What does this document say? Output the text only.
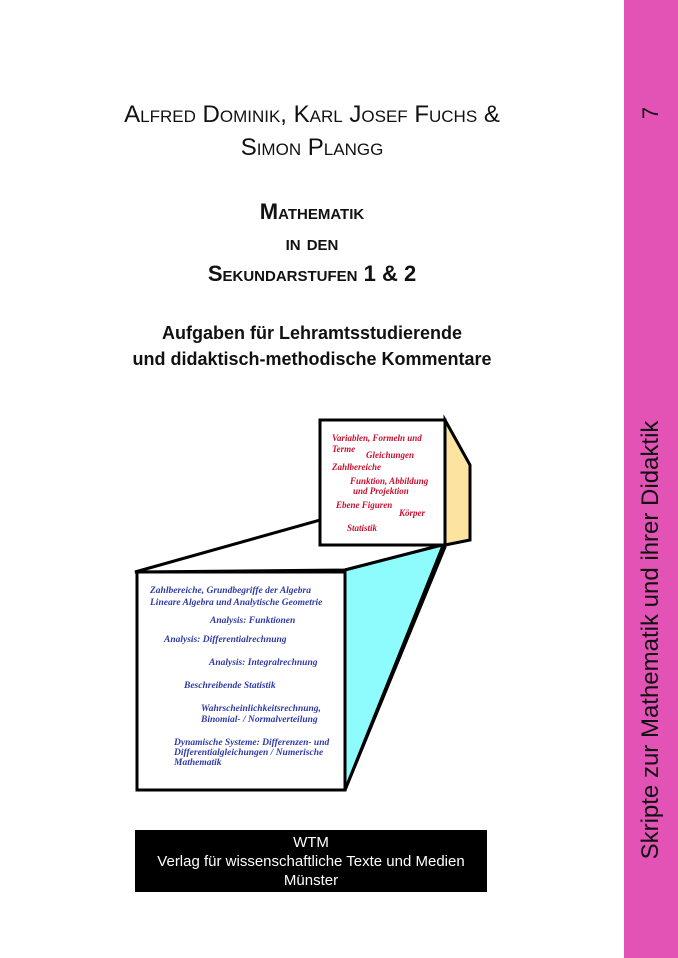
7
Skripte zur Mathematik und ihrer Didaktik
Alfred Dominik, Karl Josef Fuchs &
Simon Plangg
Mathematik
in den
Sekundarstufen 1 & 2
Aufgaben für Lehramtsstudierende
und didaktisch-methodische Kommentare
Variablen, Formeln und
Terme
Gleichungen
Zahlbereiche
Funktion, Abbildung
und Projektion
Ebene Figuren
Körper
Statistik
Zahlbereiche, Grundbegriffe der Algebra
Lineare Algebra und Analytische Geometrie
Analysis: Funktionen
Analysis: Differentialrechnung
Analysis: Integralrechnung
Beschreibende Statistik
Wahrscheinlichkeitsrechnung,
Binomial- / Normalverteilung
Dynamische Systeme: Differenzen- und
Differentialgleichungen / Numerische
Mathematik
WTM
Verlag für wissenschaftliche Texte und Medien
Münster
